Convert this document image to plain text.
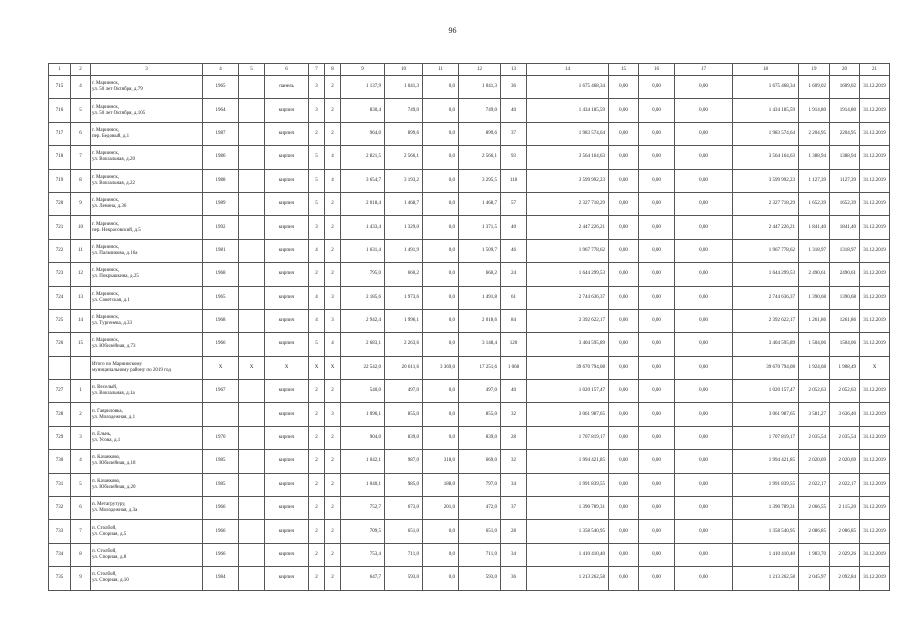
96
1	2	3	4	5	6	7	8	9	10	11	12	13	14	15	16	17	18	19	20	21
715	4	г. Мариинск,
ул. 50 лет Октября, д.79	1965		панель	3	2	1 137,9	1 041,3	0,0	1 041,3	36	1 675 468,34	0,00	0,00	0,00	1 675 468,34	1 609,02	1609,02	31.12.2019
716	5	г. Мариинск,
ул. 50 лет Октября, д.105	1964		кирпич	3	2	830,4	749,0	0,0	749,0	40	1 434 185,59	0,00	0,00	0,00	1 434 185,59	1 914,80	1914,80	31.12.2019
717	6	г. Мариинск,
пер. Бедовый, д.1	1987		кирпич	2	2	964,0	899,6	0,0	899,6	37	1 983 574,64	0,00	0,00	0,00	1 983 574,64	2 204,95	2204,95	31.12.2019
718	7	г. Мариинск,
ул. Вокзальная, д.20	1986		кирпич	5	4	2 821,5	2 566,1	0,0	2 566,1	93	3 564 164,63	0,00	0,00	0,00	3 564 164,63	1 388,94	1388,94	31.12.2019
719	8	г. Мариинск,
ул. Вокзальная, д.22	1988		кирпич	5	4	3 654,7	3 193,2	0,0	3 295,5	118	3 599 992,23	0,00	0,00	0,00	3 599 992,23	1 127,39	1127,39	31.12.2019
720	9	г. Мариинск,
ул. Ленина, д.36	1989		кирпич	5	2	2 018,4	1 468,7	0,0	1 468,7	57	2 327 718,29	0,00	0,00	0,00	2 327 718,29	1 652,39	1652,39	31.12.2019
721	10	г. Мариинск,
пер. Некрасовский, д.5	1992		кирпич	3	2	1 433,4	1 329,0	0,0	1 371,5	40	2 447 226,21	0,00	0,00	0,00	2 447 226,21	1 841,40	1841,40	31.12.2019
722	11	г. Мариинск,
ул. Пальчикова, д.16а	1981		кирпич	4	2	1 631,4	1 491,9	0,0	1 509,7	46	1 967 778,62	0,00	0,00	0,00	1 967 778,62	1 318,97	1318,97	31.12.2019
723	12	г. Мариинск,
ул. Покрышкина, д.25	1968		кирпич	2	2	795,0	660,2	0,0	660,2	24	1 644 299,53	0,00	0,00	0,00	1 644 299,53	2 490,61	2490,61	31.12.2019
724	13	г. Мариинск,
ул. Советская, д.1	1965		кирпич	4	3	2 185,6	1 973,6	0,0	1 491,8	61	2 744 636,37	0,00	0,00	0,00	2 744 636,37	1 390,68	1390,68	31.12.2019
725	14	г. Мариинск,
ул. Тургенева, д.33	1968		кирпич	4	3	2 942,4	1 996,1	0,0	2 018,6	84	2 392 622,17	0,00	0,00	0,00	2 392 622,17	1 261,86	1261,86	31.12.2019
726	15	г. Мариинск,
ул. Юбилейная, д.73	1966		кирпич	5	4	2 683,1	2 263,6	0,0	3 148,4	120	3 404 595,89	0,00	0,00	0,00	3 404 595,89	1 504,06	1504,06	31.12.2019

		Итого по Мариинскому
муниципальному району по 2019 год	X	X	X	X	X	22 542,0	20 611,6	3 369,0	17 251,6	1 068	39 670 794,08	0,00	0,00	0,00	39 670 794,08	1 924,68	1 908,49	X
727	1	п. Веселый,
ул. Вокзальная, д.1а	1967		кирпич	2	2	540,0	497,0	0,0	497,0	40	1 020 157,47	0,00	0,00	0,00	1 020 157,47	2 052,63	2 052,63	31.12.2019
728	2	п. Гавриловка,
ул. Молодежная, д.1			кирпич	2	3	1 096,1	855,0	0,0	855,0	32	3 061 987,65	0,00	0,00	0,00	3 061 987,65	3 581,27	3 636,40	31.12.2019
729	3	п. Ельнь,
ул. Усова, д.1	1970		кирпич	2	2	904,0	839,0	0,0	839,0	28	1 707 819,17	0,00	0,00	0,00	1 707 819,17	2 035,54	2 035,54	31.12.2019
730	4	п. Казанково,
ул. Юбилейная, д.18	1985		кирпич	2	2	1 042,1	987,0	318,0	669,0	32	1 994 421,85	0,00	0,00	0,00	1 994 421,85	2 020,69	2 020,69	31.12.2019
731	5	п. Казанково,
ул. Юбилейная, д.20	1985		кирпич	2	2	1 040,1	985,0	188,0	797,0	34	1 991 839,55	0,00	0,00	0,00	1 991 839,55	2 022,17	2 022,17	31.12.2019
732	6	п. Метагрутуру,
ул. Молодежная, д.3а	1966		кирпич	2	2	752,7	673,0	201,0	472,0	37	1 390 789,31	0,00	0,00	0,00	1 390 789,31	2 066,55	2 115,20	31.12.2019
733	7	п. Столбой,
ул. Спорная, д.5	1966		кирпич	2	2	709,5	651,0	0,0	651,0	28	1 358 540,95	0,00	0,00	0,00	1 358 540,95	2 086,85	2 086,85	31.12.2019
734	8	п. Столбой,
ул. Спорная, д.8	1966		кирпич	2	2	753,4	711,0	0,0	711,0	34	1 410 410,40	0,00	0,00	0,00	1 410 410,40	1 983,70	2 029,26	31.12.2019
735	9	п. Столбой,
ул. Спорная, д.10	1984		кирпич	2	2	647,7	593,0	0,0	593,0	36	1 213 262,58	0,00	0,00	0,00	1 213 262,58	2 045,97	2 092,84	31.12.2019
